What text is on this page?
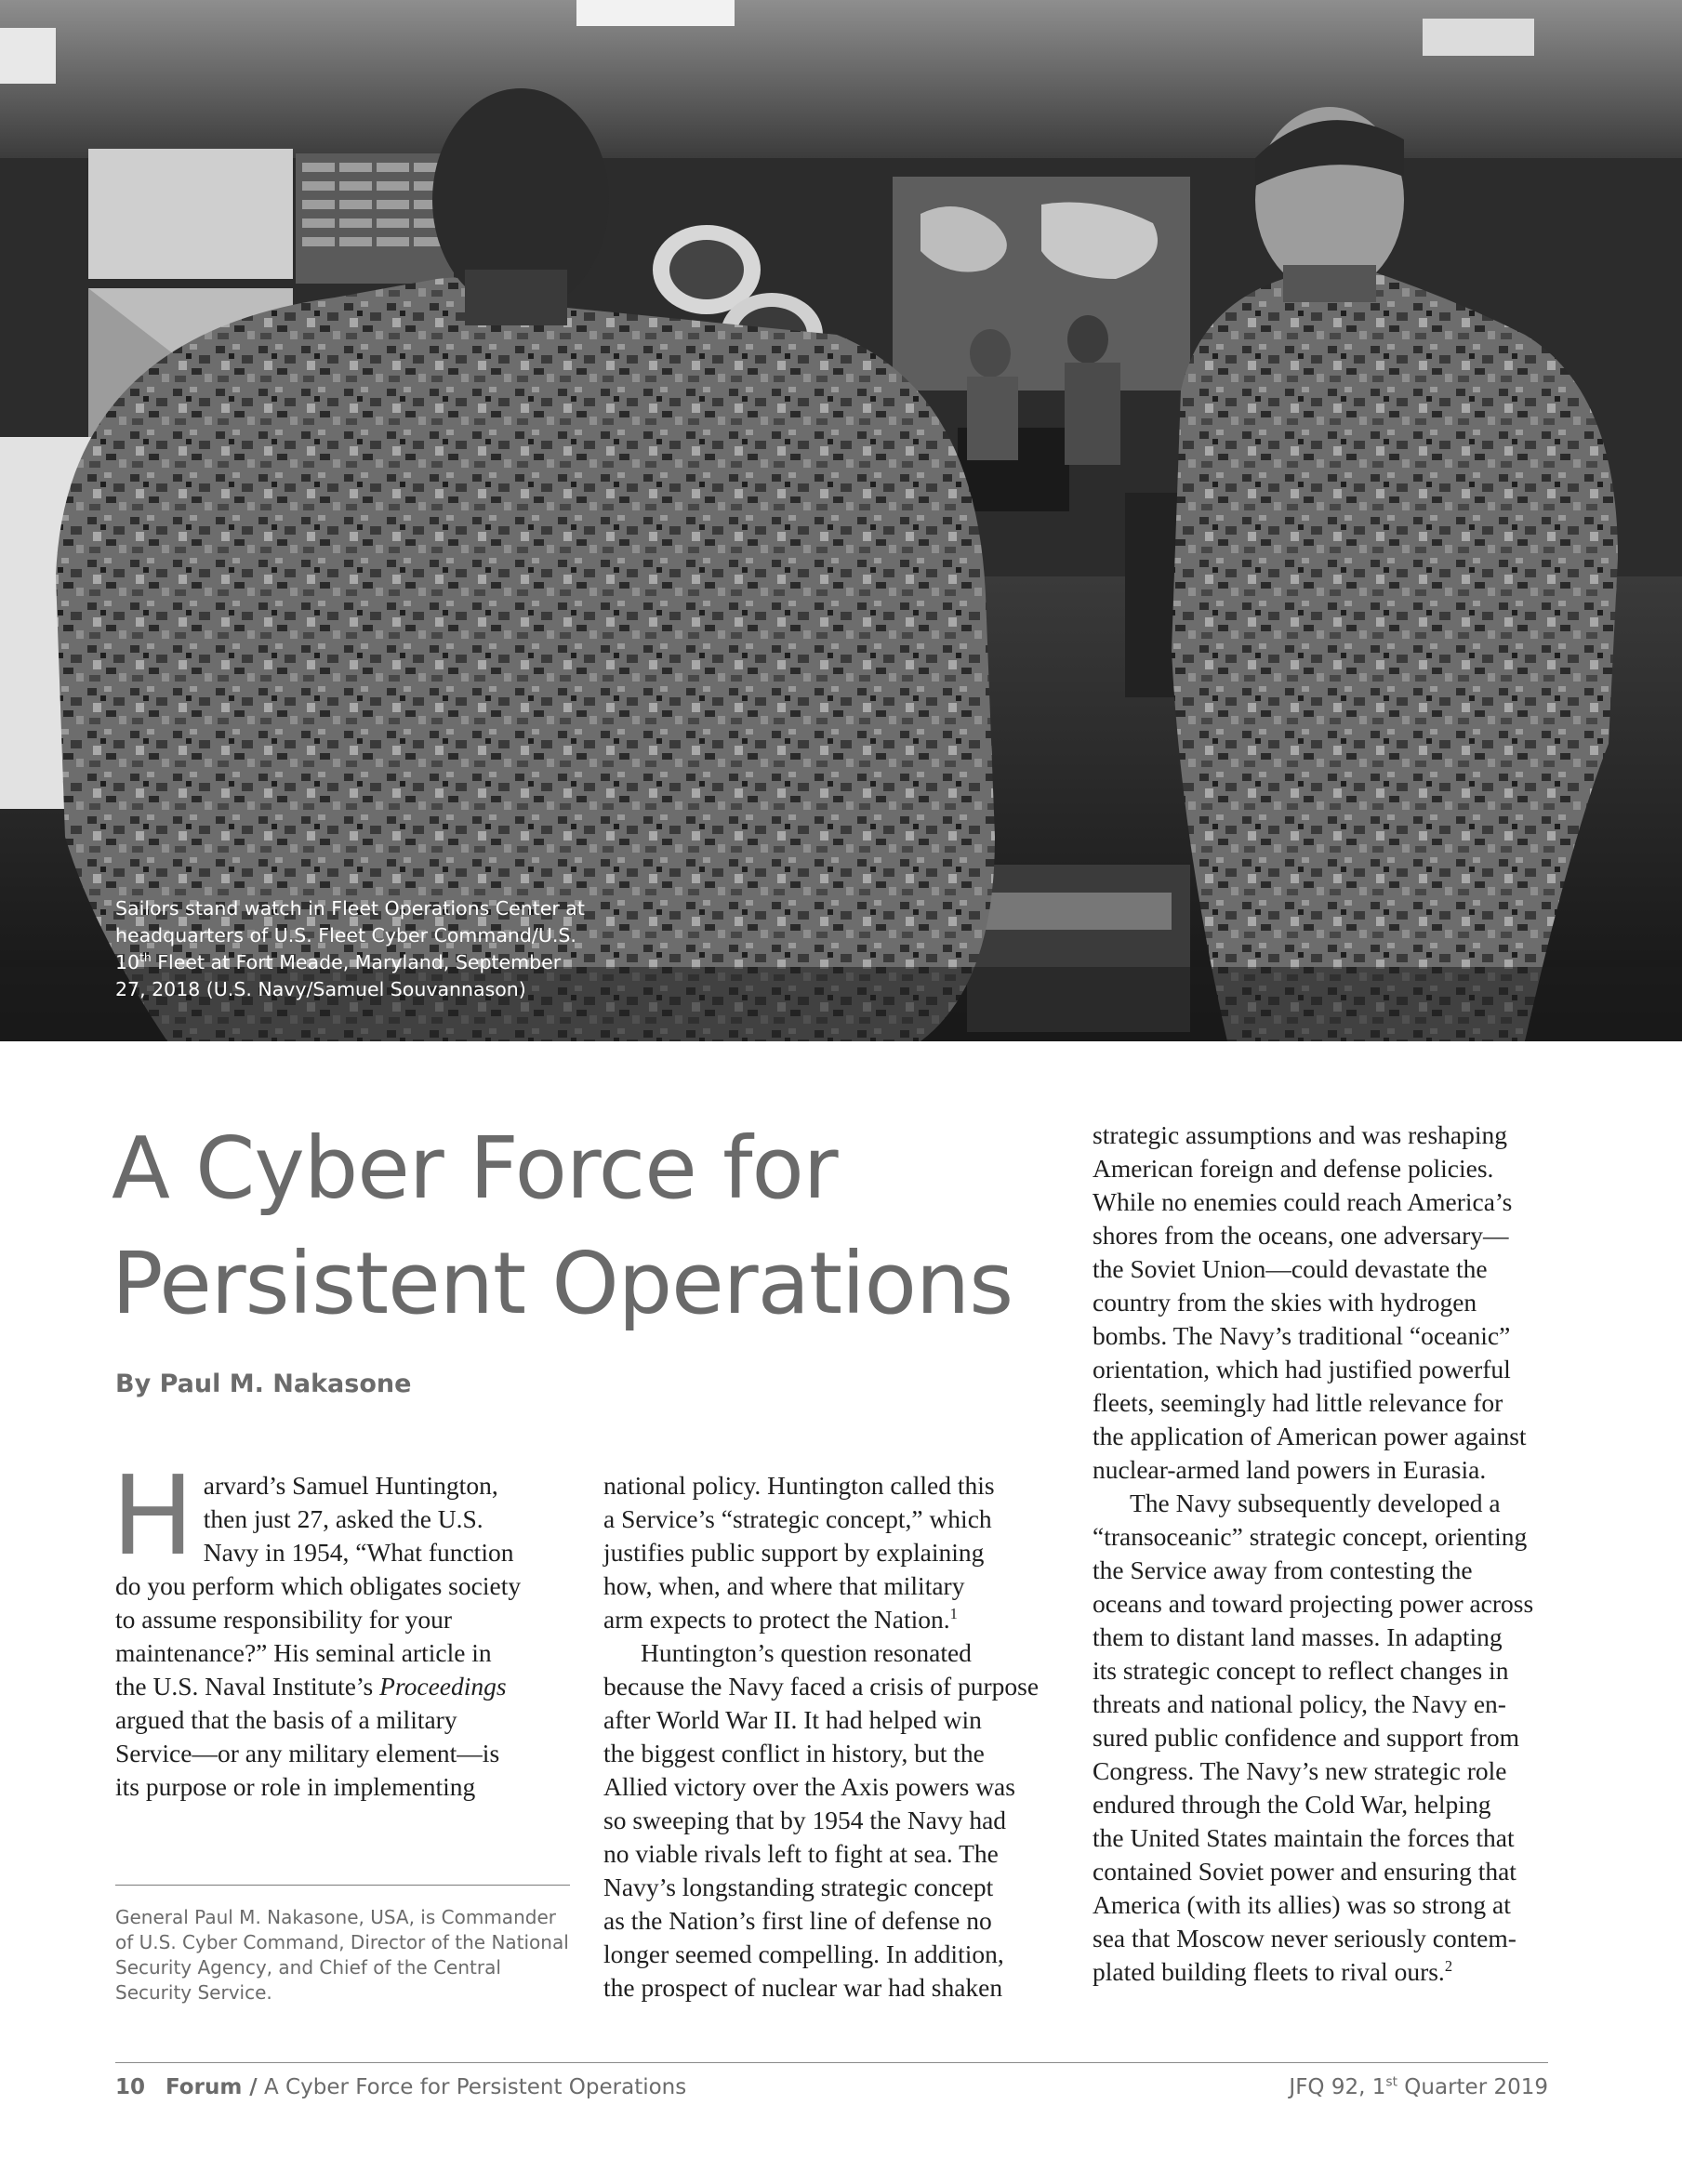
Sailors stand watch in Fleet Operations Center at
headquarters of U.S. Fleet Cyber Command/U.S.
10th Fleet at Fort Meade, Maryland, September
27, 2018 (U.S. Navy/Samuel Souvannason)
A Cyber Force for
Persistent Operations
By Paul M. Nakasone

H arvard’s Samuel Huntington,
then just 27, asked the U.S.
Navy in 1954, “What function
do you perform which obligates society
to assume responsibility for your
maintenance?” His seminal article in
the U.S. Naval Institute’s Proceedings
argued that the basis of a military
Service—or any military element—is
its purpose or role in implementing

General Paul M. Nakasone, USA, is Commander
of U.S. Cyber Command, Director of the National
Security Agency, and Chief of the Central
Security Service.

national policy. Huntington called this
a Service’s “strategic concept,” which
justifies public support by explaining
how, when, and where that military
arm expects to protect the Nation.$^1$

Huntington’s question resonated
because the Navy faced a crisis of purpose
after World War II. It had helped win
the biggest conflict in history, but the
Allied victory over the Axis powers was
so sweeping that by 1954 the Navy had
no viable rivals left to fight at sea. The
Navy’s longstanding strategic concept
as the Nation’s first line of defense no
longer seemed compelling. In addition,
the prospect of nuclear war had shaken

strategic assumptions and was reshaping
American foreign and defense policies.
While no enemies could reach America’s
shores from the oceans, one adversary—
the Soviet Union—could devastate the
country from the skies with hydrogen
bombs. The Navy’s traditional “oceanic”
orientation, which had justified powerful
fleets, seemingly had little relevance for
the application of American power against
nuclear-armed land powers in Eurasia.

The Navy subsequently developed a
“transoceanic” strategic concept, orienting
the Service away from contesting the
oceans and toward projecting power across
them to distant land masses. In adapting
its strategic concept to reflect changes in
threats and national policy, the Navy en-
sured public confidence and support from
Congress. The Navy’s new strategic role
endured through the Cold War, helping
the United States maintain the forces that
contained Soviet power and ensuring that
America (with its allies) was so strong at
sea that Moscow never seriously contem-
plated building fleets to rival ours.$^2$

10 Forum / A Cyber Force for Persistent Operations	JFQ 92, 1st Quarter 2019
